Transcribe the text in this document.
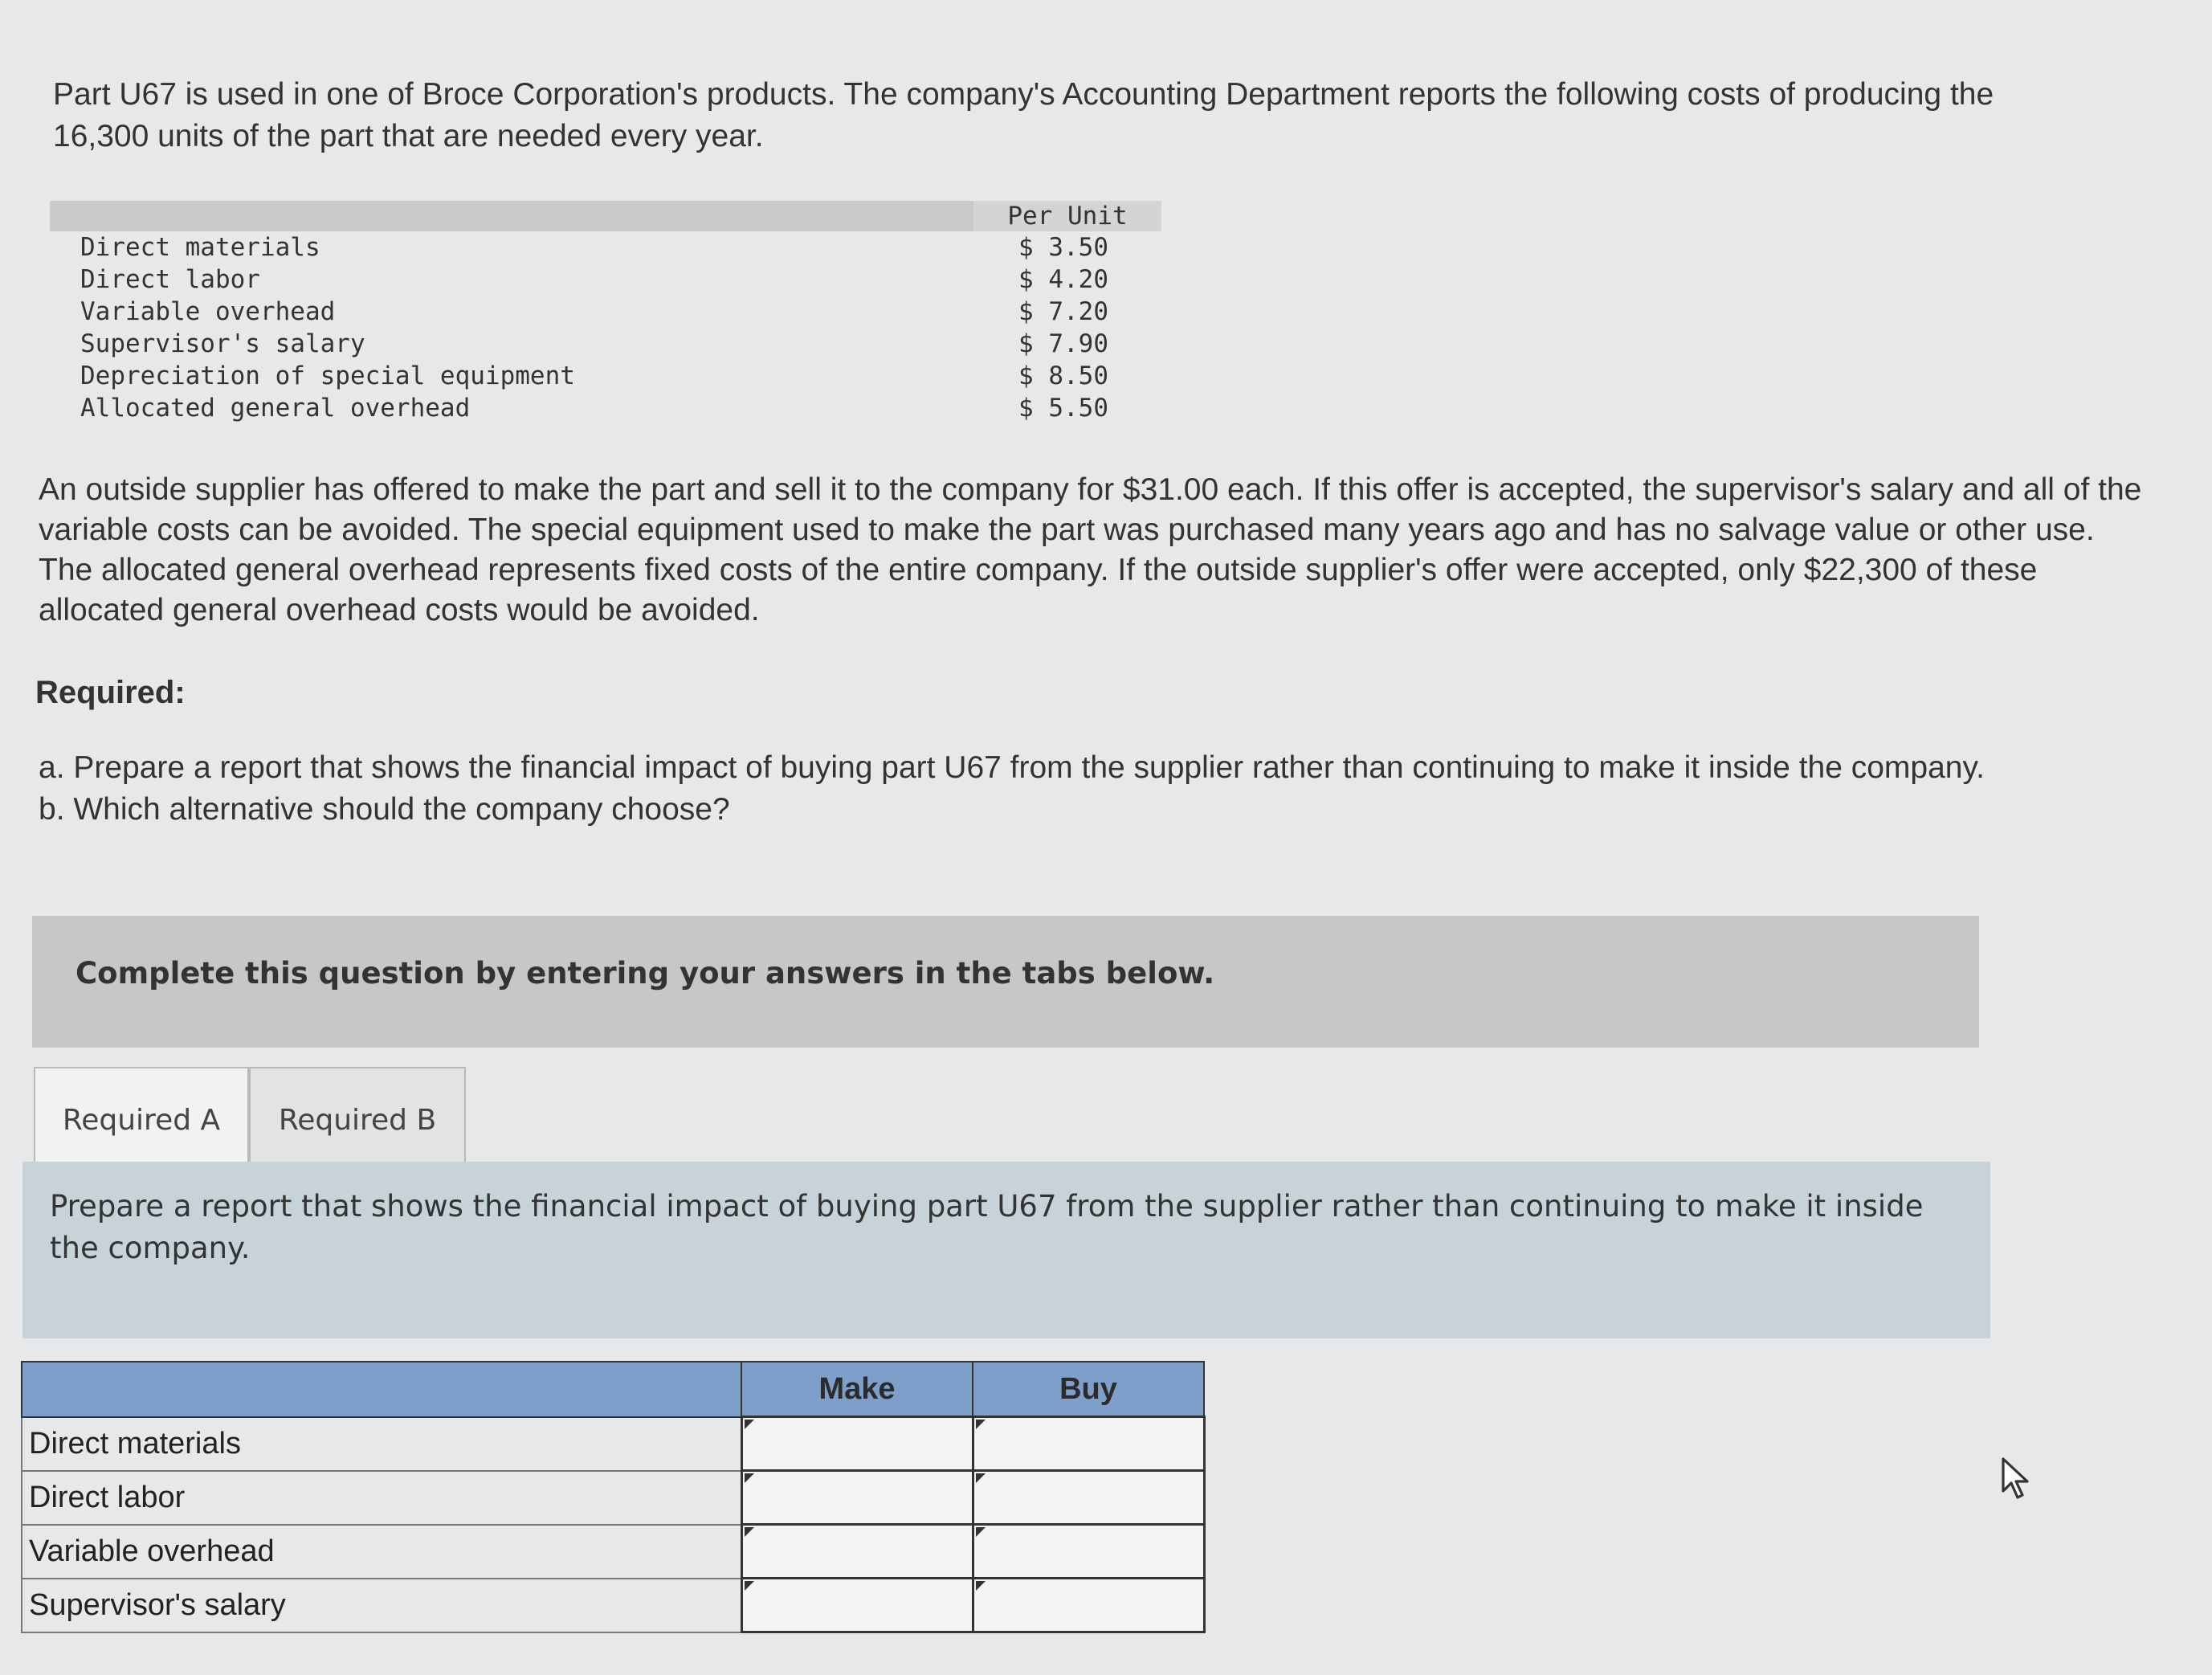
Part U67 is used in one of Broce Corporation's products. The company's Accounting Department reports the following costs of producing the 16,300 units of the part that are needed every year.
Per Unit
Direct materials	$ 3.50
Direct labor	$ 4.20
Variable overhead	$ 7.20
Supervisor's salary	$ 7.90
Depreciation of special equipment	$ 8.50
Allocated general overhead	$ 5.50
An outside supplier has offered to make the part and sell it to the company for $31.00 each. If this offer is accepted, the supervisor's salary and all of the variable costs can be avoided. The special equipment used to make the part was purchased many years ago and has no salvage value or other use. The allocated general overhead represents fixed costs of the entire company. If the outside supplier's offer were accepted, only $22,300 of these allocated general overhead costs would be avoided.
Required:
a. Prepare a report that shows the financial impact of buying part U67 from the supplier rather than continuing to make it inside the company.
b. Which alternative should the company choose?
Complete this question by entering your answers in the tabs below.
Required A	Required B
Prepare a report that shows the financial impact of buying part U67 from the supplier rather than continuing to make it inside the company.
	Make	Buy
Direct materials		
Direct labor		
Variable overhead		
Supervisor's salary		
